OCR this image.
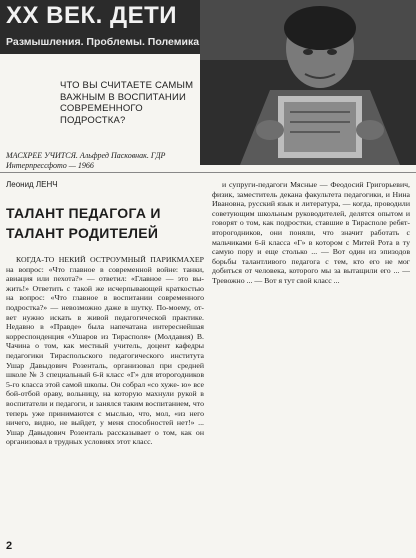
XX ВЕК. ДЕТИ
Размышления. Проблемы. Полемика
ЧТО ВЫ СЧИТАЕТЕ САМЫМ ВАЖНЫМ В ВОСПИТАНИИ СОВРЕМЕННОГО ПОДРОСТКА?
МАСХРЕЕ УЧИТСЯ. Альфред Пасковнак. ГДР Интерпрессфото — 1966
Леонид ЛЕНЧ
ТАЛАНТ ПЕДАГОГА И ТАЛАНТ РОДИТЕЛЕЙ

КОГДА-ТО НЕКИЙ ОСТРОУМНЫЙ ПАРИКМАХЕР на вопрос: «Что главное в современной войне: танки, авиация или пехота?» — ответил: «Главное — это вы- жить!» Ответить с такой же исчерпывающей краткостью на вопрос: «Что главное в воспитании современного подростка?» — невозможно даже в шутку. По-моему, от- вет нужно искать в живой педагогической практике. Недавно в «Правде» была напечатана интереснейшая корреспонденция «Ушаров из Тирасполя» (Молдавия) В. Чачина о том, как местный учитель, доцент кафедры педагогики Тираспольского педагогического института Ушар Давыдович Розенталь, организовал при средней школе № 3 специальный 6-й класс «Г» для второгодников 5-го класса этой самой школы. Он собрал «со хуже- ю» все бой-отбой ораву, вольницу, на которую махнули рукой в воспитатели и педагоги, и занялся таким воспитанием, что теперь уже принимаются с мыслью, что, мол, «из него ничего, видно, не выйдет, у меня способностей нет!» ... Ушар Давыдович Розенталь рассказывает о том, как он организовал в трудных условиях этот класс.

и супруги-педагоги Мясные — Феодосий Григорьевич, физик, заместитель декана факультета педагогики, и Нина Ивановна, русский язык и литература, — когда, проводили советующим школьным руководителей, делятся опытом и говорят о том, как подростки, ставшие в Тирасполе ребят-второгодников, они поняли, что значит работать с мальчиками 6-й класса «Г» в котором с Митей Рота в ту самую пору и еще столько ... — Вот один из эпизодов борьбы талантливого педагога с тем, кто его не мог добиться от человека, которого мы за вытащили его ... — Тревожно ... — Вот я тут свой класс ...

2
